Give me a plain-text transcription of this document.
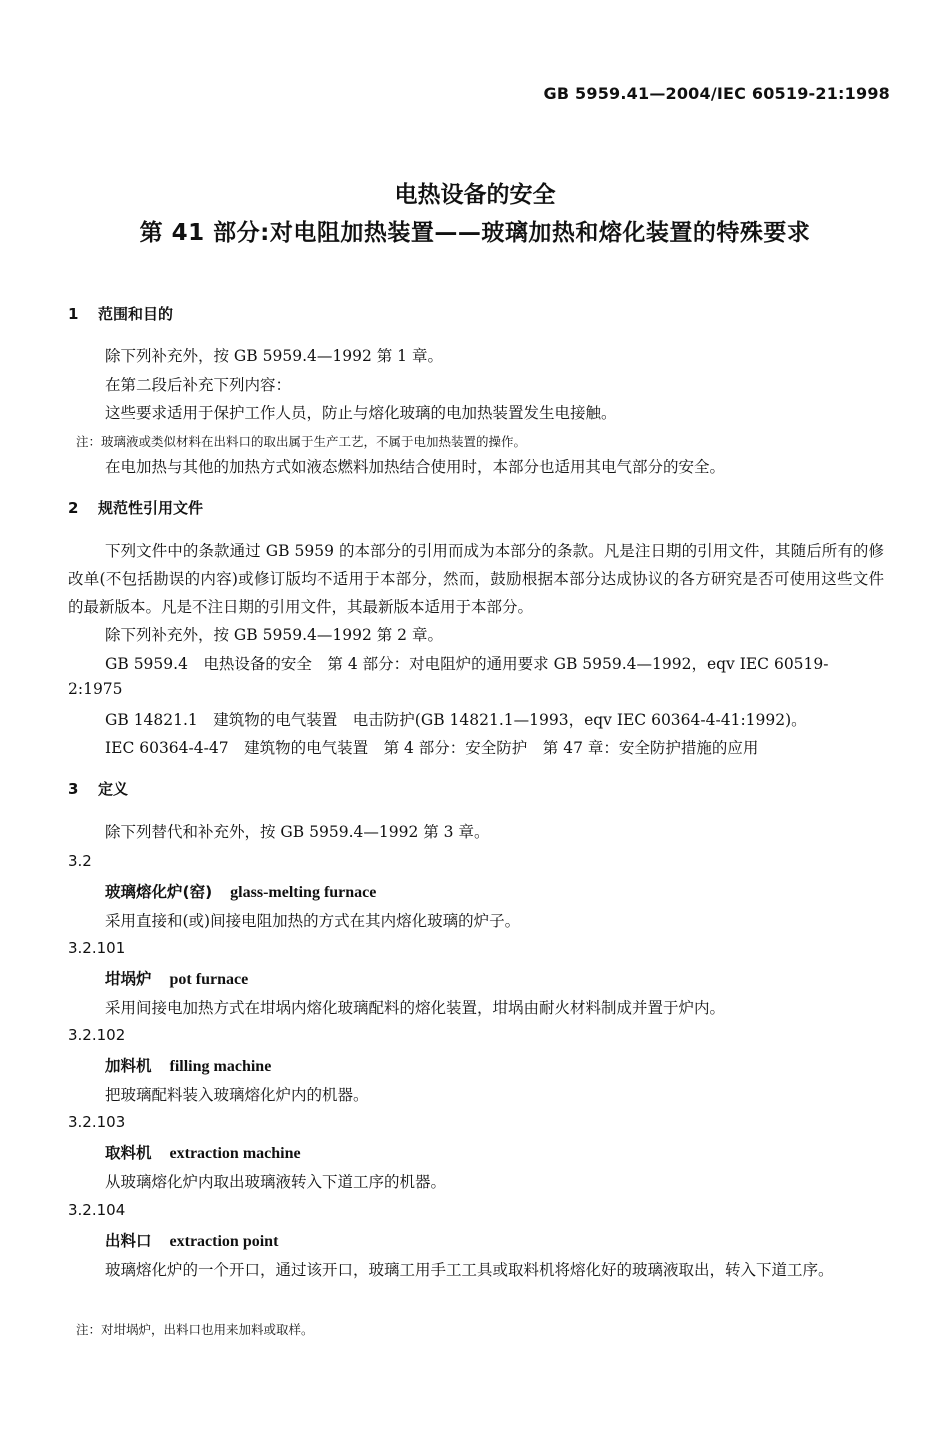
GB 5959.41—2004/IEC 60519-21:1998
电热设备的安全
第 41 部分:对电阻加热装置——玻璃加热和熔化装置的特殊要求
1 范围和目的
除下列补充外，按 GB 5959.4—1992 第 1 章。
在第二段后补充下列内容：
这些要求适用于保护工作人员，防止与熔化玻璃的电加热装置发生电接触。
注：玻璃液或类似材料在出料口的取出属于生产工艺，不属于电加热装置的操作。
在电加热与其他的加热方式如液态燃料加热结合使用时，本部分也适用其电气部分的安全。
2 规范性引用文件
下列文件中的条款通过 GB 5959 的本部分的引用而成为本部分的条款。凡是注日期的引用文件，其随后所有的修改单(不包括勘误的内容)或修订版均不适用于本部分，然而，鼓励根据本部分达成协议的各方研究是否可使用这些文件的最新版本。凡是不注日期的引用文件，其最新版本适用于本部分。
除下列补充外，按 GB 5959.4—1992 第 2 章。
GB 5959.4　电热设备的安全　第 4 部分：对电阻炉的通用要求 GB 5959.4—1992，eqv IEC 60519-
2:1975
GB 14821.1　建筑物的电气装置　电击防护(GB 14821.1—1993，eqv IEC 60364-4-41:1992)。
IEC 60364-4-47　建筑物的电气装置　第 4 部分：安全防护　第 47 章：安全防护措施的应用
3 定义
除下列替代和补充外，按 GB 5959.4—1992 第 3 章。
3.2
玻璃熔化炉(窑) glass-melting furnace
采用直接和(或)间接电阻加热的方式在其内熔化玻璃的炉子。
3.2.101
坩埚炉 pot furnace
采用间接电加热方式在坩埚内熔化玻璃配料的熔化装置，坩埚由耐火材料制成并置于炉内。
3.2.102
加料机 filling machine
把玻璃配料装入玻璃熔化炉内的机器。
3.2.103
取料机 extraction machine
从玻璃熔化炉内取出玻璃液转入下道工序的机器。
3.2.104
出料口 extraction point
玻璃熔化炉的一个开口，通过该开口，玻璃工用手工工具或取料机将熔化好的玻璃液取出，转入下道工序。
注：对坩埚炉，出料口也用来加料或取样。
